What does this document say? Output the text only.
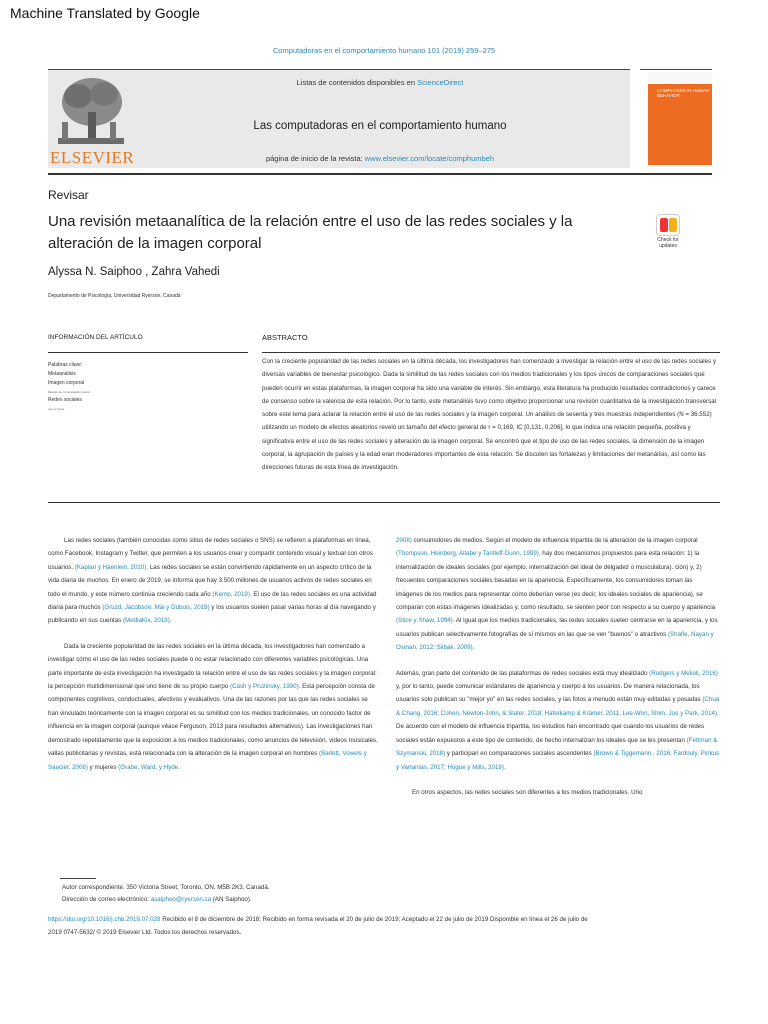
Machine Translated by Google
Computadoras en el comportamiento humano 101 (2019) 259–275
ELSEVIER
Listas de contenidos disponibles en ScienceDirect
Las computadoras en el comportamiento humano
página de inicio de la revista: www.elsevier.com/locate/comphumbeh
COMPUTERS IN HUMAN BEHAVIOR
Revisar
Una revisión metaanalítica de la relación entre el uso de las redes sociales y la alteración de la imagen corporal	Check for updates
Alyssa N. Saiphoo , Zahra Vahedi
Departamento de Psicología, Universidad Ryerson, Canadá
INFORMACIÓN DEL ARTÍCULO	ABSTRACTO
Palabras clave:
Metaanálisis
Imagen corporal
Medios de comunicación social
Redes sociales
uso en línea
Con la creciente popularidad de las redes sociales en la última década, los investigadores han comenzado a investigar la relación entre el uso de las redes sociales y diversas variables de bienestar psicológico. Dada la similitud de las redes sociales con los medios tradicionales y los tipos únicos de comparaciones sociales que pueden ocurrir en estas plataformas, la imagen corporal ha sido una variable de interés. Sin embargo, esta literatura ha producido resultados contradictorios y carece de consenso sobre la valencia de esta relación. Por lo tanto, este metanálisis tuvo como objetivo proporcionar una revisión cuantitativa de la investigación transversal sobre este tema para aclarar la relación entre el uso de las redes sociales y la imagen corporal. Un análisis de sesenta y tres muestras independientes (N = 36.552) utilizando un modelo de efectos aleatorios reveló un tamaño del efecto general de r = 0,169, IC [0,131, 0,206], lo que indica una relación pequeña, positiva y significativa entre el uso de las redes sociales y alteración de la imagen corporal. Se encontró que el tipo de uso de las redes sociales, la dimensión de la imagen corporal, la agrupación de países y la edad eran moderadores importantes de esta relación. Se discuten las fortalezas y limitaciones del metanálisis, así como las direcciones futuras de esta línea de investigación.

Las redes sociales (también conocidas como sitios de redes sociales o SNS) se refieren a plataformas en línea, como Facebook, Instagram y Twitter, que permiten a los usuarios crear y compartir contenido visual y textual con otros usuarios. (Kaplan y Haenlein, 2010). Las redes sociales se están convirtiendo rápidamente en un aspecto crítico de la vida diaria de muchos. En enero de 2019, se informa que hay 3.500 millones de usuarios activos de redes sociales en todo el mundo, y este número continúa creciendo cada año (Kemp, 2019). El uso de las redes sociales es una actividad diaria para muchos (Gruzd, Jacobson, Mai y Dubois, 2018) y los usuarios suelen pasar varias horas al día navegando y publicando en sus cuentas (MediaKix, 2018).

Dada la creciente popularidad de las redes sociales en la última década, los investigadores han comenzado a investigar cómo el uso de las redes sociales puede o no estar relacionado con diferentes variables psicológicas. Una parte importante de esta investigación ha investigado la relación entre el uso de las redes sociales y la imagen corporal: la percepción multidimensional que uno tiene de su propio cuerpo (Cash y Pruzinsky, 1990). Esta percepción consta de componentes cognitivos, conductuales, afectivos y evaluativos. Una de las razones por las que las redes sociales se han vinculado teóricamente con la imagen corporal es su similitud con los medios tradicionales, un conocido factor de influencia en la imagen corporal (aunque véase Ferguson, 2013 para resultados alternativos). Las investigaciones han demostrado repetidamente que la exposición a los medios tradicionales, como anuncios de televisión, videos musicales, vallas publicitarias y revistas, está relacionada con la alteración de la imagen corporal en hombres (Barlett, Vowels y Saucier, 2008) y mujeres (Grabe, Ward, y Hyde,

2008) consumidores de medios. Según el modelo de influencia tripartita de la alteración de la imagen corporal (Thompson, Heinberg, Altabe y Tantleff-Dunn, 1999), hay dos mecanismos propuestos para esta relación: 1) la internalización de ideales sociales (por ejemplo, internalización del ideal de delgadez o musculatura). ción) y, 2) frecuentes comparaciones sociales basadas en la apariencia. Específicamente, los consumidores toman las imágenes de los medios para representar cómo deberían verse (es decir, los ideales sociales de apariencia), se comparan con estas imágenes idealizadas y, como resultado, se sienten peor con respecto a su cuerpo y apariencia (Stice y Shaw, 1994). Al igual que los medios tradicionales, las redes sociales suelen centrarse en la apariencia, y los usuarios publican selectivamente fotografías de sí mismos en las que se ven "buenos" o atractivos (Shafie, Nayan y Osman, 2012; Siibak, 2009).

Además, gran parte del contenido de las plataformas de redes sociales está muy idealizado (Rodgers y Melioli, 2016) y, por lo tanto, puede comunicar estándares de apariencia y cuerpo a los usuarios. De manera relacionada, los usuarios solo publican su "mejor yo" en las redes sociales, y las fotos a menudo están muy editadas y posadas (Chua & Chang, 2016; Cohen, Newton-John, & Slater, 2018; Haferkamp & Krämer, 2011; Lee-Won, Shim, Joo y Park, 2014). De acuerdo con el modelo de influencia tripartita, los estudios han encontrado que cuando los usuarios de redes sociales están expuestos a este tipo de contenido, de hecho internalizan los ideales que se les presentan (Fettman & Szymanski, 2018) y participan en comparaciones sociales ascendentes (Brown & Tiggemann , 2016; Fardouly, Pinkus y Vartanian, 2017; Hogue y Mills, 2019).

En otros aspectos, las redes sociales son diferentes a los medios tradicionales. Uno

Autor correspondiente. 350 Victoria Street, Toronto, ON, M5B 2K3, Canadá.
Dirección de correo electrónico: asaiphoo@ryerson.ca (AN Saiphoo).
https://doi.org/10.1016/j.chb.2019.07.028 Recibido el 8 de diciembre de 2018; Recibido en forma revisada el 20 de julio de 2019; Aceptado el 22 de julio de 2019 Disponible en línea el 26 de julio de
2019 0747-5632/ © 2019 Elsevier Ltd. Todos los derechos reservados.
